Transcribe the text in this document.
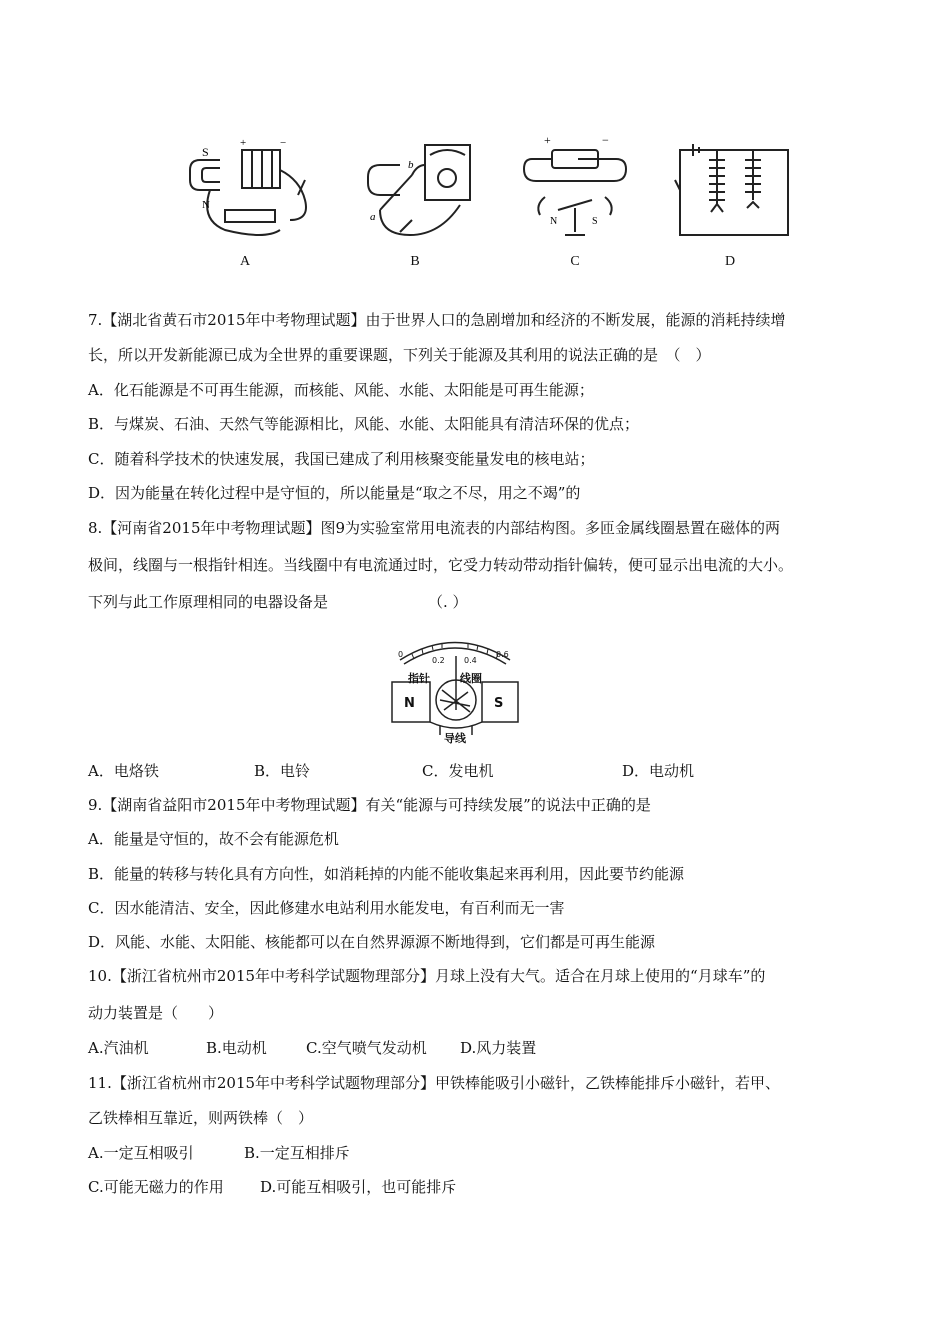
S
N
+	−
A
a
b
B
+	−
N	S
C	D
7.【湖北省黄石市2015年中考物理试题】由于世界人口的急剧增加和经济的不断发展，能源的消耗持续增
长，所以开发新能源已成为全世界的重要课题，下列关于能源及其利用的说法正确的是　（　）
A．化石能源是不可再生能源，而核能、风能、水能、太阳能是可再生能源；
B．与煤炭、石油、天然气等能源相比，风能、水能、太阳能具有清洁环保的优点；
C．随着科学技术的快速发展，我国已建成了利用核聚变能量发电的核电站；
D．因为能量在转化过程中是守恒的，所以能量是“取之不尽，用之不竭”的
8.【河南省2015年中考物理试题】图9为实验室常用电流表的内部结构图。多匝金属线圈悬置在磁体的两
极间，线圈与一根指针相连。当线圈中有电流通过时，它受力转动带动指针偏转，便可显示出电流的大小。
下列与此工作原理相同的电器设备是	（. ）
0
0.2 0.4
0.6
指针	线圈
N	S
导线
A．电烙铁	B．电铃	C．发电机	D．电动机
9.【湖南省益阳市2015年中考物理试题】有关“能源与可持续发展”的说法中正确的是
A．能量是守恒的，故不会有能源危机
B．能量的转移与转化具有方向性，如消耗掉的内能不能收集起来再利用，因此要节约能源
C．因水能清洁、安全，因此修建水电站利用水能发电，有百利而无一害
D．风能、水能、太阳能、核能都可以在自然界源源不断地得到，它们都是可再生能源
10.【浙江省杭州市2015年中考科学试题物理部分】月球上没有大气。适合在月球上使用的“月球车”的
动力装置是（　　）
A.汽油机	B.电动机	C.空气喷气发动机 D.风力装置
11.【浙江省杭州市2015年中考科学试题物理部分】甲铁棒能吸引小磁针，乙铁棒能排斥小磁针，若甲、
乙铁棒相互靠近，则两铁棒（　）
A.一定互相吸引	B.一定互相排斥
C.可能无磁力的作用 D.可能互相吸引，也可能排斥
